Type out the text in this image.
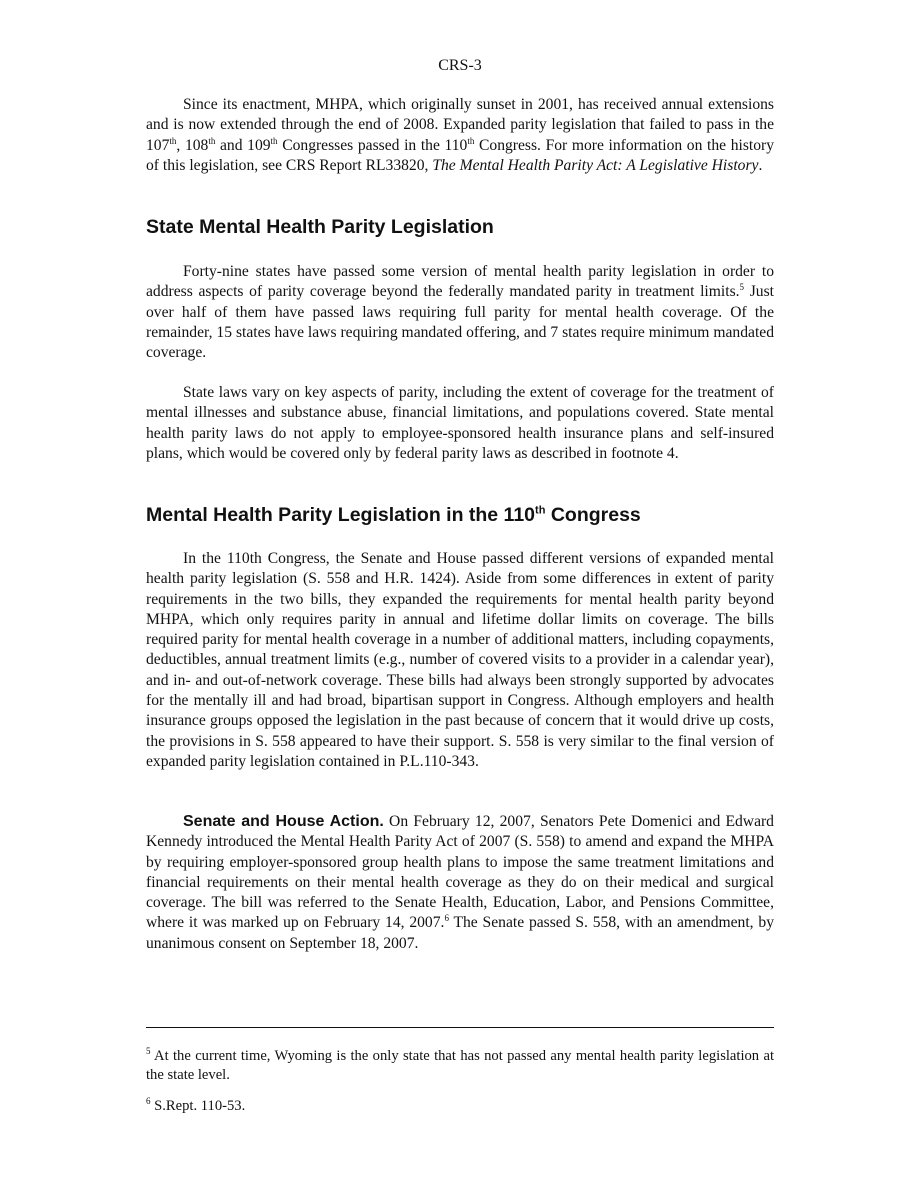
CRS-3

Since its enactment, MHPA, which originally sunset in 2001, has received annual extensions and is now extended through the end of 2008. Expanded parity legislation that failed to pass in the 107th, 108th and 109th Congresses passed in the 110th Congress. For more information on the history of this legislation, see CRS Report RL33820, The Mental Health Parity Act: A Legislative History.

State Mental Health Parity Legislation

Forty-nine states have passed some version of mental health parity legislation in order to address aspects of parity coverage beyond the federally mandated parity in treatment limits.$^5$ Just over half of them have passed laws requiring full parity for mental health coverage. Of the remainder, 15 states have laws requiring mandated offering, and 7 states require minimum mandated coverage.

State laws vary on key aspects of parity, including the extent of coverage for the treatment of mental illnesses and substance abuse, financial limitations, and populations covered. State mental health parity laws do not apply to employee-sponsored health insurance plans and self-insured plans, which would be covered only by federal parity laws as described in footnote 4.

Mental Health Parity Legislation in the 110th Congress

In the 110th Congress, the Senate and House passed different versions of expanded mental health parity legislation (S. 558 and H.R. 1424). Aside from some differences in extent of parity requirements in the two bills, they expanded the requirements for mental health parity beyond MHPA, which only requires parity in annual and lifetime dollar limits on coverage. The bills required parity for mental health coverage in a number of additional matters, including copayments, deductibles, annual treatment limits (e.g., number of covered visits to a provider in a calendar year), and in- and out-of-network coverage. These bills had always been strongly supported by advocates for the mentally ill and had broad, bipartisan support in Congress. Although employers and health insurance groups opposed the legislation in the past because of concern that it would drive up costs, the provisions in S. 558 appeared to have their support. S. 558 is very similar to the final version of expanded parity legislation contained in P.L.110-343.

Senate and House Action. On February 12, 2007, Senators Pete Domenici and Edward Kennedy introduced the Mental Health Parity Act of 2007 (S. 558) to amend and expand the MHPA by requiring employer-sponsored group health plans to impose the same treatment limitations and financial requirements on their mental health coverage as they do on their medical and surgical coverage. The bill was referred to the Senate Health, Education, Labor, and Pensions Committee, where it was marked up on February 14, 2007.$^6$ The Senate passed S. 558, with an amendment, by unanimous consent on September 18, 2007.

$^5$ At the current time, Wyoming is the only state that has not passed any mental health parity legislation at the state level.

$^6$ S.Rept. 110-53.
